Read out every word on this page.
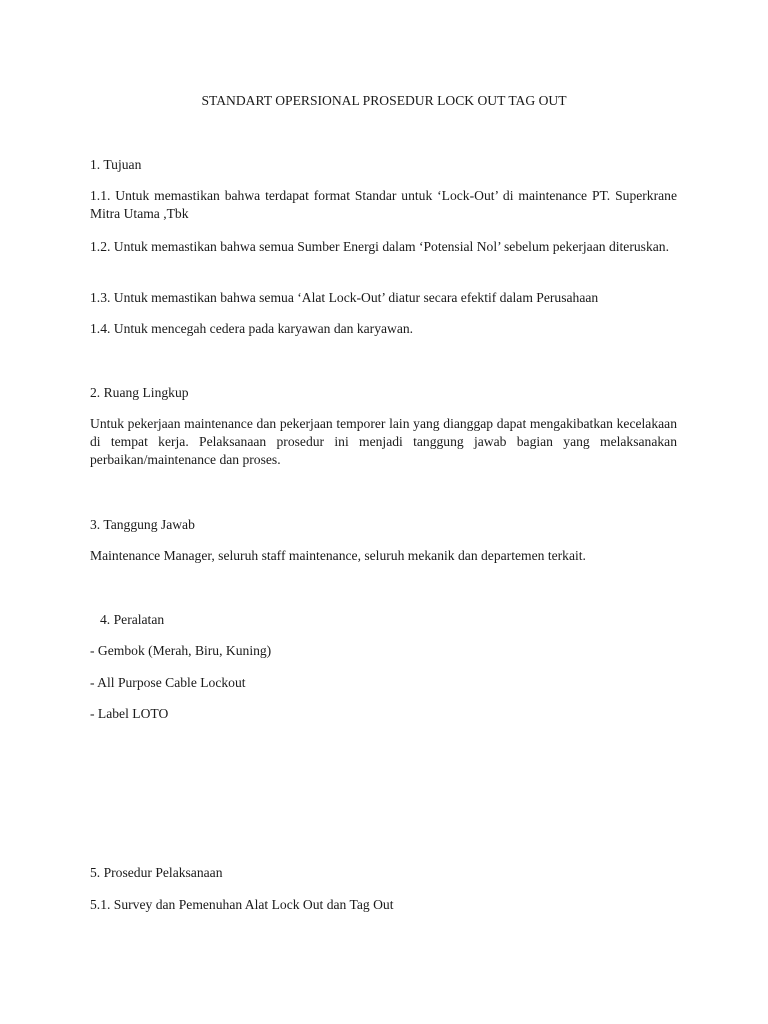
STANDART OPERSIONAL PROSEDUR LOCK OUT TAG OUT

1. Tujuan

1.1. Untuk memastikan bahwa terdapat format Standar untuk ‘Lock-Out’ di maintenance PT. Superkrane Mitra Utama ,Tbk

1.2. Untuk memastikan bahwa semua Sumber Energi dalam ‘Potensial Nol’ sebelum pekerjaan diteruskan.

1.3. Untuk memastikan bahwa semua ‘Alat Lock-Out’ diatur secara efektif dalam Perusahaan

1.4. Untuk mencegah cedera pada karyawan dan karyawan.

2. Ruang Lingkup

Untuk pekerjaan maintenance dan pekerjaan temporer lain yang dianggap dapat mengakibatkan kecelakaan di tempat kerja. Pelaksanaan prosedur ini menjadi tanggung jawab bagian yang melaksanakan perbaikan/maintenance dan proses.

3. Tanggung Jawab

Maintenance Manager, seluruh staff maintenance, seluruh mekanik dan departemen terkait.

4. Peralatan

- Gembok (Merah, Biru, Kuning)

- All Purpose Cable Lockout

- Label LOTO

5. Prosedur Pelaksanaan

5.1. Survey dan Pemenuhan Alat Lock Out dan Tag Out
